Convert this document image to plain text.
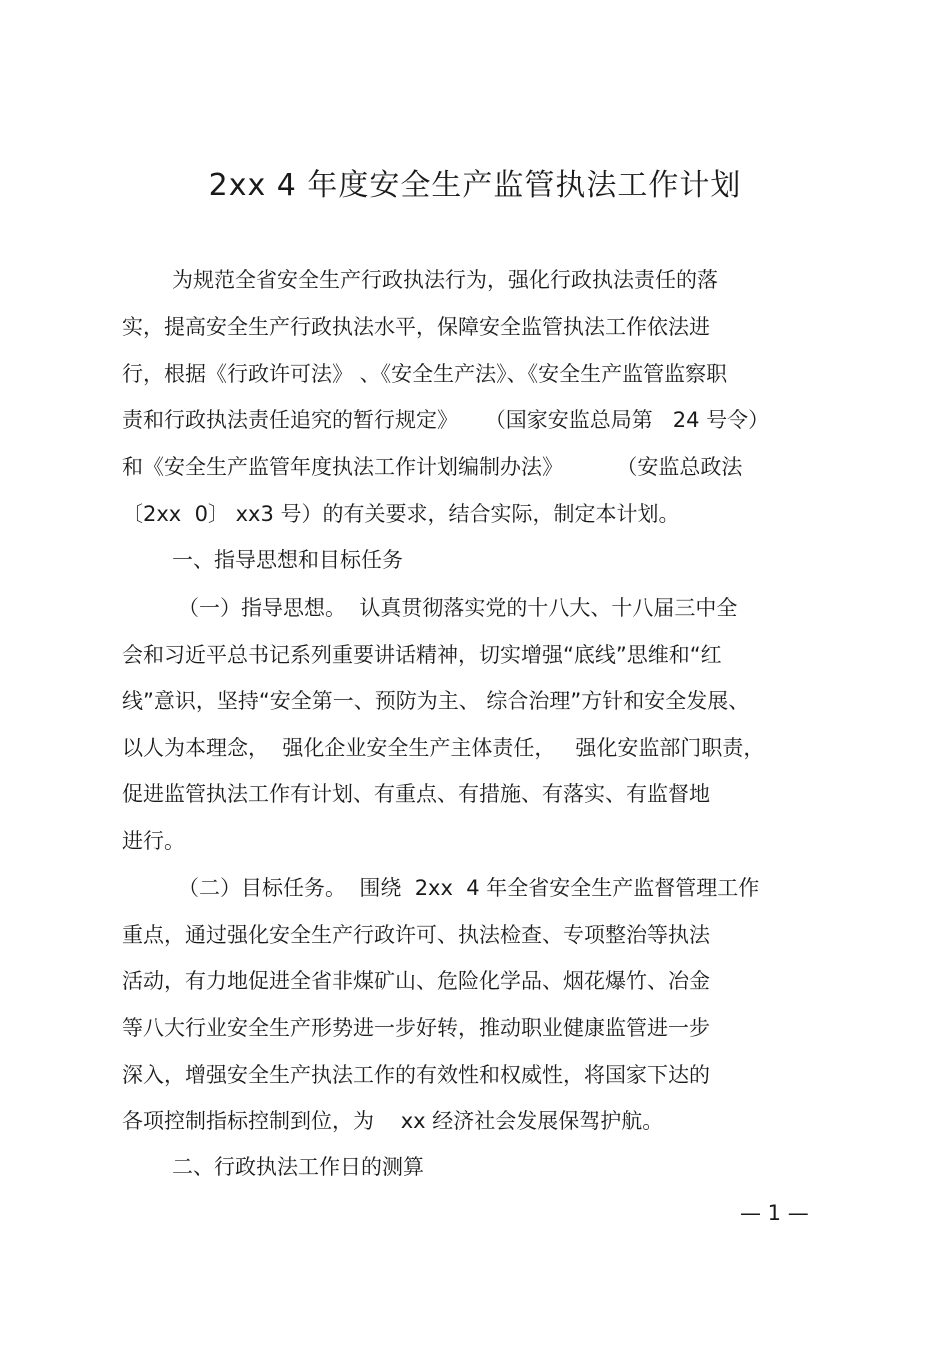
2xx 4 年度安全生产监管执法工作计划

为规范全省安全生产行政执法行为，强化行政执法责任的落

实，提高安全生产行政执法水平，保障安全监管执法工作依法进

行，根据《行政许可法》 、《安全生产法》、《安全生产监管监察职

责和行政执法责任追究的暂行规定》    （国家安监总局第   24 号令）

和《安全生产监管年度执法工作计划编制办法》        （安监总政法

〔2xx  0〕 xx3 号）的有关要求，结合实际，制定本计划。

一、指导思想和目标任务

（一）指导思想。  认真贯彻落实党的十八大、十八届三中全

会和习近平总书记系列重要讲话精神，切实增强“底线”思维和“红

线”意识，坚持“安全第一、预防为主、 综合治理”方针和安全发展、

以人为本理念，  强化企业安全生产主体责任，   强化安监部门职责，

促进监管执法工作有计划、有重点、有措施、有落实、有监督地

进行。

（二）目标任务。  围绕  2xx  4 年全省安全生产监督管理工作

重点，通过强化安全生产行政许可、执法检查、专项整治等执法

活动，有力地促进全省非煤矿山、危险化学品、烟花爆竹、冶金

等八大行业安全生产形势进一步好转，推动职业健康监管进一步

深入，增强安全生产执法工作的有效性和权威性，将国家下达的

各项控制指标控制到位，为    xx 经济社会发展保驾护航。

二、行政执法工作日的测算

— 1 —
